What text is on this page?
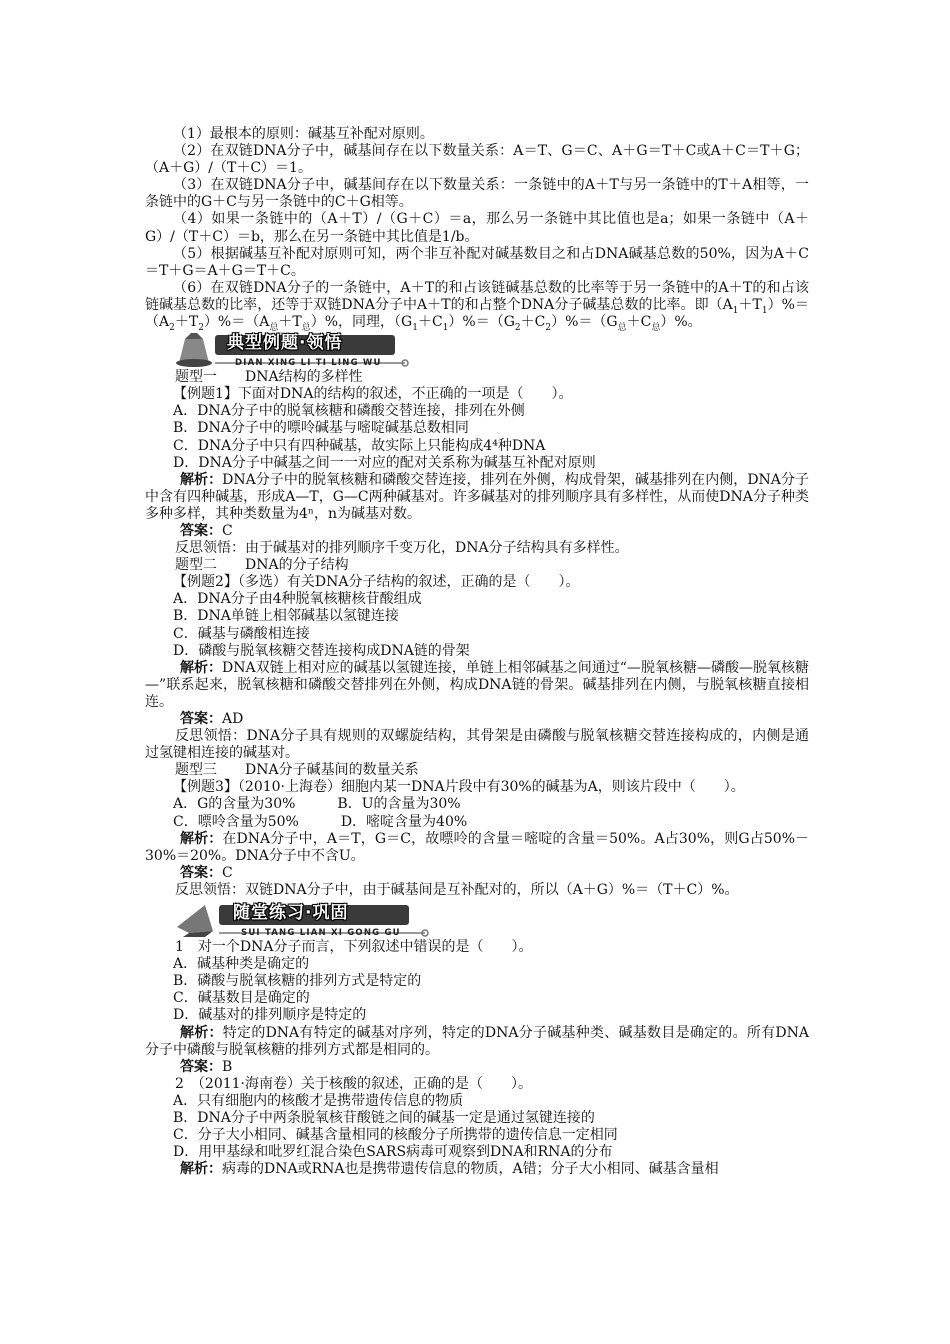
（1）最根本的原则：碱基互补配对原则。

（2）在双链DNA分子中，碱基间存在以下数量关系：A＝T、G＝C、A＋G＝T＋C或A＋C＝T＋G；（A＋G）/（T＋C）＝1。

（3）在双链DNA分子中，碱基间存在以下数量关系：一条链中的A＋T与另一条链中的T＋A相等，一条链中的G＋C与另一条链中的C＋G相等。

（4）如果一条链中的（A＋T）/（G＋C）＝a，那么另一条链中其比值也是a；如果一条链中（A＋G）/（T＋C）＝b，那么在另一条链中其比值是1/b。

（5）根据碱基互补配对原则可知，两个非互补配对碱基数目之和占DNA碱基总数的50%，因为A＋C＝T＋G＝A＋G＝T＋C。

（6）在双链DNA分子的一条链中，A＋T的和占该链碱基总数的比率等于另一条链中的A＋T的和占该链碱基总数的比率，还等于双链DNA分子中A＋T的和占整个DNA分子碱基总数的比率。即$(A_1+T_1)\%=(A_2+T_2)\%=(A_总+T_总)\%$，同理，$(G_1+C_1)\%=(G_2+C_2)\%=(G_总+C_总)\%$。

典型例题·领悟
DIAN XING LI TI LING WU

题型一　　DNA结构的多样性

【例题1】下面对DNA的结构的叙述，不正确的一项是（　　）。

A．DNA分子中的脱氧核糖和磷酸交替连接，排列在外侧

B．DNA分子中的嘌呤碱基与嘧啶碱基总数相同

C．DNA分子中只有四种碱基，故实际上只能构成4⁴种DNA

D．DNA分子中碱基之间一一对应的配对关系称为碱基互补配对原则

解析：DNA分子中的脱氧核糖和磷酸交替连接，排列在外侧，构成骨架，碱基排列在内侧，DNA分子中含有四种碱基，形成A—T，G—C两种碱基对。许多碱基对的排列顺序具有多样性，从而使DNA分子种类多种多样，其种类数量为4ⁿ，n为碱基对数。

答案：C

反思领悟：由于碱基对的排列顺序千变万化，DNA分子结构具有多样性。

题型二　　DNA的分子结构

【例题2】（多选）有关DNA分子结构的叙述，正确的是（　　）。

A．DNA分子由4种脱氧核糖核苷酸组成

B．DNA单链上相邻碱基以氢键连接

C．碱基与磷酸相连接

D．磷酸与脱氧核糖交替连接构成DNA链的骨架

解析：DNA双链上相对应的碱基以氢键连接，单链上相邻碱基之间通过“—脱氧核糖—磷酸—脱氧核糖—”联系起来，脱氧核糖和磷酸交替排列在外侧，构成DNA链的骨架。碱基排列在内侧，与脱氧核糖直接相连。

答案：AD

反思领悟：DNA分子具有规则的双螺旋结构，其骨架是由磷酸与脱氧核糖交替连接构成的，内侧是通过氢键相连接的碱基对。

题型三　　DNA分子碱基间的数量关系

【例题3】（2010·上海卷）细胞内某一DNA片段中有30%的碱基为A，则该片段中（　　）。

A．G的含量为30%　　　B．U的含量为30%

C．嘌呤含量为50%　　　D．嘧啶含量为40%

解析：在DNA分子中，A＝T，G＝C，故嘌呤的含量＝嘧啶的含量＝50%。A占30%，则G占50%－30%＝20%。DNA分子中不含U。

答案：C

反思领悟：双链DNA分子中，由于碱基间是互补配对的，所以（A＋G）%＝（T＋C）%。

随堂练习·巩固
SUI TANG LIAN XI GONG GU

1　对一个DNA分子而言，下列叙述中错误的是（　　）。

A．碱基种类是确定的

B．磷酸与脱氧核糖的排列方式是特定的

C．碱基数目是确定的

D．碱基对的排列顺序是特定的

解析：特定的DNA有特定的碱基对序列，特定的DNA分子碱基种类、碱基数目是确定的。所有DNA分子中磷酸与脱氧核糖的排列方式都是相同的。

答案：B

2　（2011·海南卷）关于核酸的叙述，正确的是（　　）。

A．只有细胞内的核酸才是携带遗传信息的物质

B．DNA分子中两条脱氧核苷酸链之间的碱基一定是通过氢键连接的

C．分子大小相同、碱基含量相同的核酸分子所携带的遗传信息一定相同

D．用甲基绿和吡罗红混合染色SARS病毒可观察到DNA和RNA的分布

解析：病毒的DNA或RNA也是携带遗传信息的物质，A错；分子大小相同、碱基含量相
